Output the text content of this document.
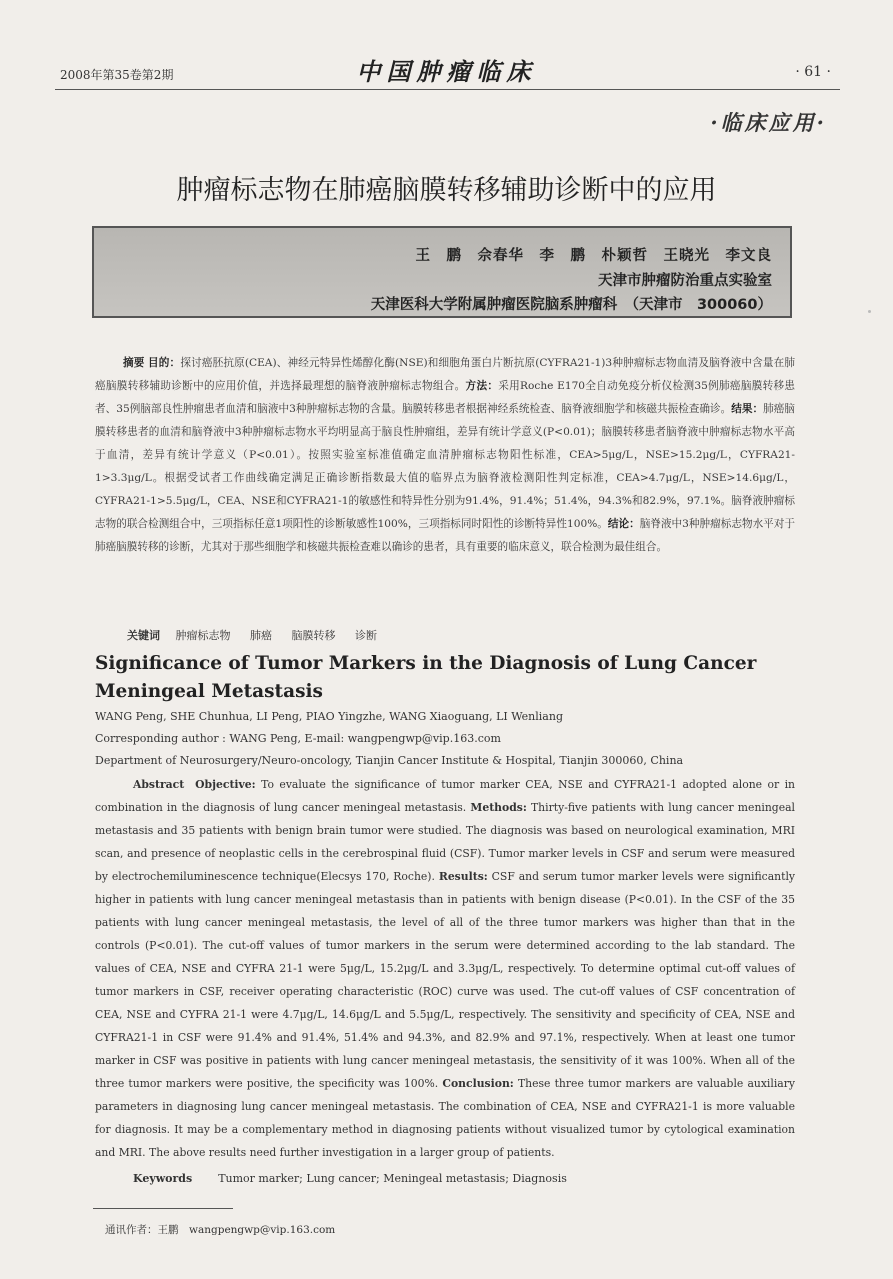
2008年第35卷第2期	中国肿瘤临床	· 61 ·
·临床应用·
肿瘤标志物在肺癌脑膜转移辅助诊断中的应用
王　鹏　佘春华　李　鹏　朴颖哲　王晓光　李文良
天津市肿瘤防治重点实验室
天津医科大学附属肿瘤医院脑系肿瘤科　（天津市　300060）
摘要 目的：探讨癌胚抗原(CEA)、神经元特异性烯醇化酶(NSE)和细胞角蛋白片断抗原(CYFRA21-1)3种肿瘤标志物血清及脑脊液中含量在肺癌脑膜转移辅助诊断中的应用价值，并选择最理想的脑脊液肿瘤标志物组合。方法：采用Roche E170全自动免疫分析仪检测35例肺癌脑膜转移患者、35例脑部良性肿瘤患者血清和脑液中3种肿瘤标志物的含量。脑膜转移患者根据神经系统检查、脑脊液细胞学和核磁共振检查确诊。结果：肺癌脑膜转移患者的血清和脑脊液中3种肿瘤标志物水平均明显高于脑良性肿瘤组，差异有统计学意义(P<0.01)；脑膜转移患者脑脊液中肿瘤标志物水平高于血清，差异有统计学意义（P<0.01）。按照实验室标准值确定血清肿瘤标志物阳性标准，CEA>5μg/L，NSE>15.2μg/L，CYFRA21-1>3.3μg/L。根据受试者工作曲线确定满足正确诊断指数最大值的临界点为脑脊液检测阳性判定标准，CEA>4.7μg/L，NSE>14.6μg/L，CYFRA21-1>5.5μg/L，CEA、NSE和CYFRA21-1的敏感性和特异性分别为91.4%，91.4%；51.4%，94.3%和82.9%，97.1%。脑脊液肿瘤标志物的联合检测组合中，三项指标任意1项阳性的诊断敏感性100%，三项指标同时阳性的诊断特异性100%。结论：脑脊液中3种肿瘤标志物水平对于肺癌脑膜转移的诊断，尤其对于那些细胞学和核磁共振检查难以确诊的患者，具有重要的临床意义，联合检测为最佳组合。
关键词 肿瘤标志物 肺癌 脑膜转移 诊断
Significance of Tumor Markers in the Diagnosis of Lung Cancer Meningeal Metastasis
WANG Peng, SHE Chunhua, LI Peng, PIAO Yingzhe, WANG Xiaoguang, LI Wenliang
Corresponding author : WANG Peng, E-mail: wangpengwp@vip.163.com
Department of Neurosurgery/Neuro-oncology, Tianjin Cancer Institute & Hospital, Tianjin 300060, China
Abstract Objective: To evaluate the significance of tumor marker CEA, NSE and CYFRA21-1 adopted alone or in combination in the diagnosis of lung cancer meningeal metastasis. Methods: Thirty-five patients with lung cancer meningeal metastasis and 35 patients with benign brain tumor were studied. The diagnosis was based on neurological examination, MRI scan, and presence of neoplastic cells in the cerebrospinal fluid (CSF). Tumor marker levels in CSF and serum were measured by electrochemiluminescence technique(Elecsys 170, Roche). Results: CSF and serum tumor marker levels were significantly higher in patients with lung cancer meningeal metastasis than in patients with benign disease (P<0.01). In the CSF of the 35 patients with lung cancer meningeal metastasis, the level of all of the three tumor markers was higher than that in the controls (P<0.01). The cut-off values of tumor markers in the serum were determined according to the lab standard. The values of CEA, NSE and CYFRA 21-1 were 5μg/L, 15.2μg/L and 3.3μg/L, respectively. To determine optimal cut-off values of tumor markers in CSF, receiver operating characteristic (ROC) curve was used. The cut-off values of CSF concentration of CEA, NSE and CYFRA 21-1 were 4.7μg/L, 14.6μg/L and 5.5μg/L, respectively. The sensitivity and specificity of CEA, NSE and CYFRA21-1 in CSF were 91.4% and 91.4%, 51.4% and 94.3%, and 82.9% and 97.1%, respectively. When at least one tumor marker in CSF was positive in patients with lung cancer meningeal metastasis, the sensitivity of it was 100%. When all of the three tumor markers were positive, the specificity was 100%. Conclusion: These three tumor markers are valuable auxiliary parameters in diagnosing lung cancer meningeal metastasis. The combination of CEA, NSE and CYFRA21-1 is more valuable for diagnosis. It may be a complementary method in diagnosing patients without visualized tumor by cytological examination and MRI. The above results need further investigation in a larger group of patients.
Keywords Tumor marker; Lung cancer; Meningeal metastasis; Diagnosis
通讯作者：王鹏　wangpengwp@vip.163.com
